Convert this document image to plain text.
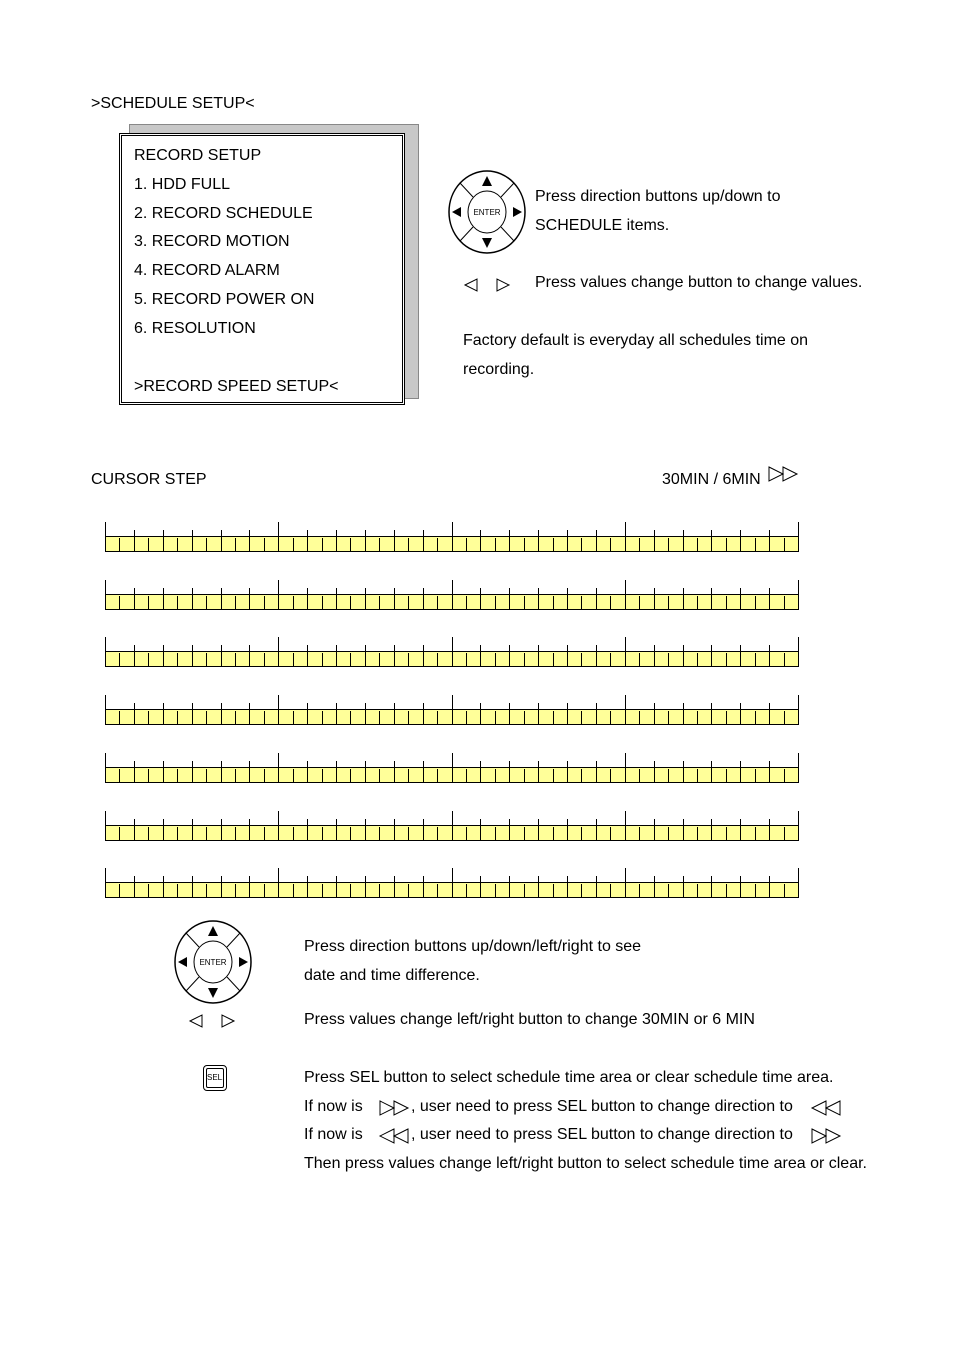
>SCHEDULE SETUP<
RECORD SETUP
1. HDD FULL
2. RECORD SCHEDULE
3. RECORD MOTION
4. RECORD ALARM
5. RECORD POWER ON
6. RESOLUTION
>RECORD SPEED SETUP<
ENTER
Press direction buttons up/down to
SCHEDULE items.
Press values change button to change values.
Factory default is everyday all schedules time on
recording.
CURSOR STEP	30MIN / 6MIN
ENTER
Press direction buttons up/down/left/right to see
date and time difference.
Press values change left/right button to change 30MIN or 6 MIN
SEL.	Press SEL button to select schedule time area or clear schedule time area.
If now is	, user need to press SEL button to change direction to
If now is	, user need to press SEL button to change direction to
Then press values change left/right button to select schedule time area or clear.
